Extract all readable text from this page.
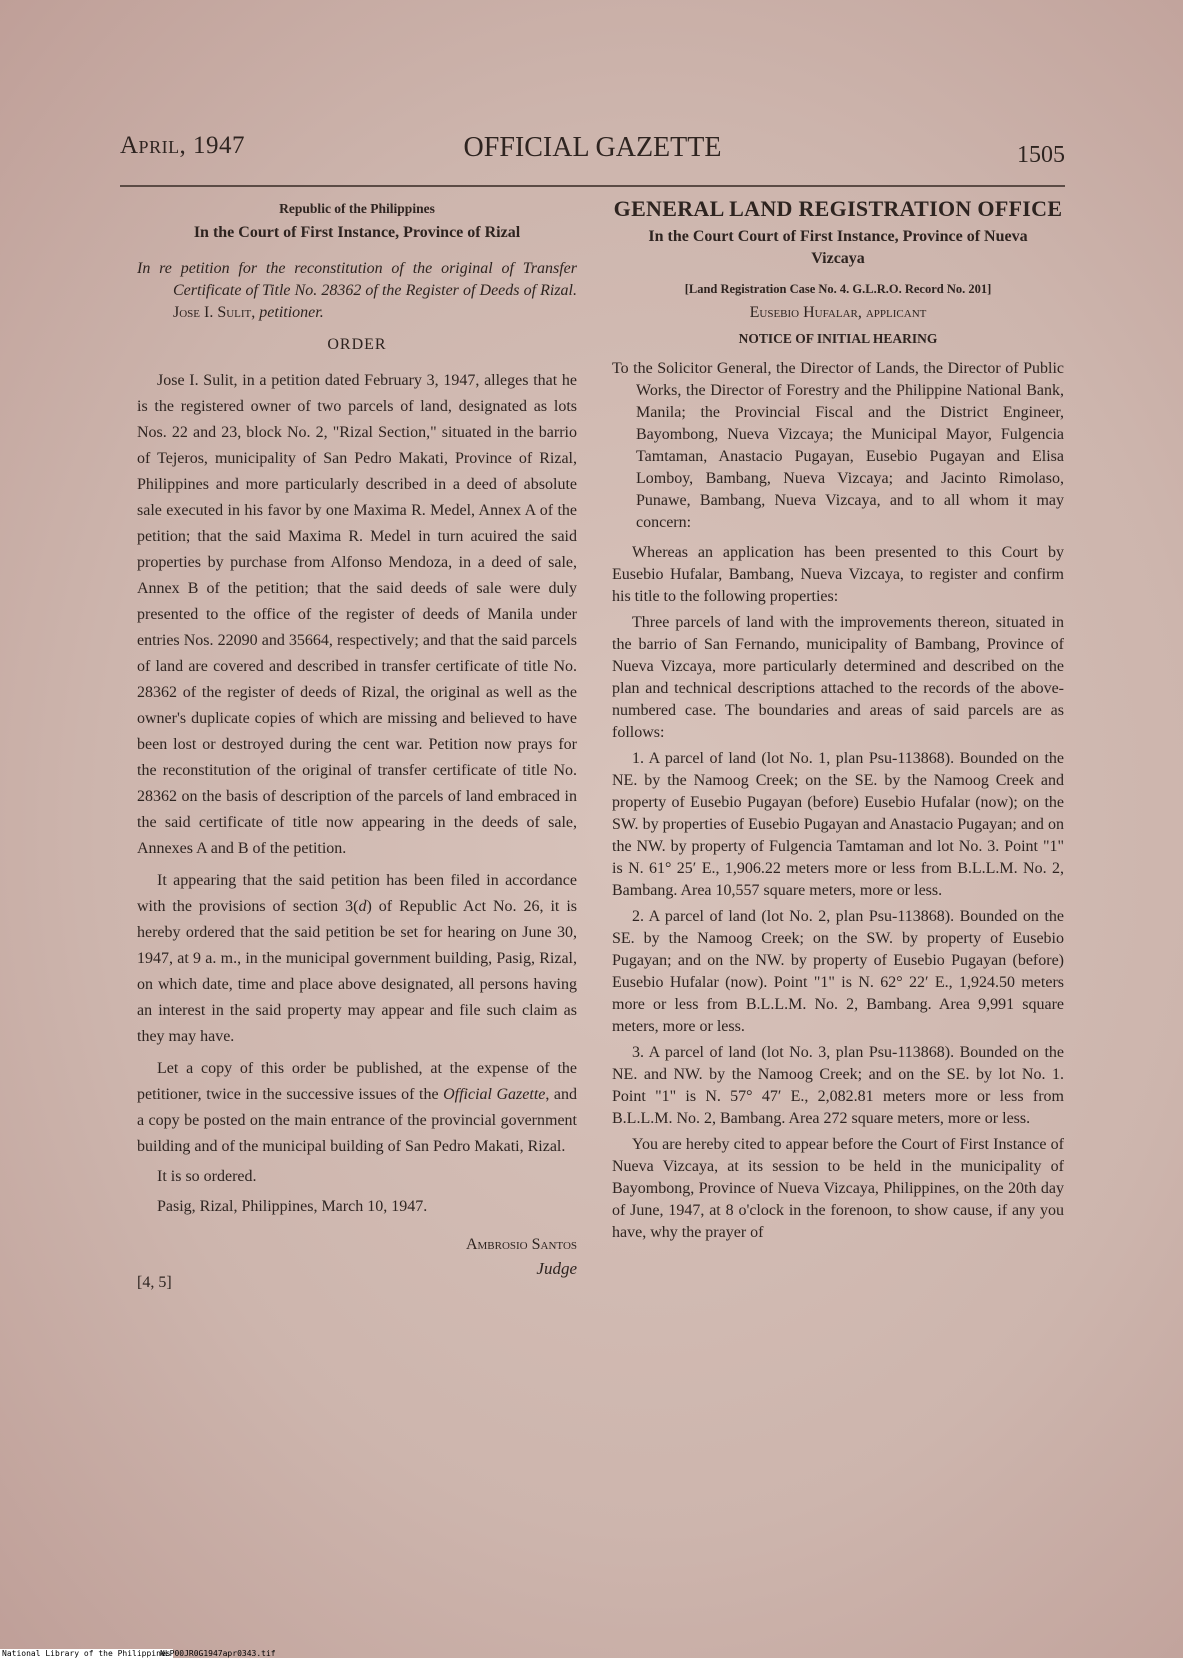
April, 1947	OFFICIAL GAZETTE	1505

Republic of the Philippines

In the Court of First Instance, Province of Rizal

In re petition for the reconstitution of the original of Transfer Certificate of Title No. 28362 of the Register of Deeds of Rizal. Jose I. Sulit, petitioner.

ORDER

Jose I. Sulit, in a petition dated February 3, 1947, alleges that he is the registered owner of two parcels of land, designated as lots Nos. 22 and 23, block No. 2, "Rizal Section," situated in the barrio of Tejeros, municipality of San Pedro Makati, Province of Rizal, Philippines and more particularly described in a deed of absolute sale executed in his favor by one Maxima R. Medel, Annex A of the petition; that the said Maxima R. Medel in turn acuired the said properties by purchase from Alfonso Mendoza, in a deed of sale, Annex B of the petition; that the said deeds of sale were duly presented to the office of the register of deeds of Manila under entries Nos. 22090 and 35664, respectively; and that the said parcels of land are covered and described in transfer certificate of title No. 28362 of the register of deeds of Rizal, the original as well as the owner's duplicate copies of which are missing and believed to have been lost or destroyed during the cent war. Petition now prays for the reconstitution of the original of transfer certificate of title No. 28362 on the basis of description of the parcels of land embraced in the said certificate of title now appearing in the deeds of sale, Annexes A and B of the petition.

It appearing that the said petition has been filed in accordance with the provisions of section 3(d) of Republic Act No. 26, it is hereby ordered that the said petition be set for hearing on June 30, 1947, at 9 a. m., in the municipal government building, Pasig, Rizal, on which date, time and place above designated, all persons having an interest in the said property may appear and file such claim as they may have.

Let a copy of this order be published, at the expense of the petitioner, twice in the successive issues of the Official Gazette, and a copy be posted on the main entrance of the provincial government building and of the municipal building of San Pedro Makati, Rizal.

It is so ordered.

Pasig, Rizal, Philippines, March 10, 1947.

Ambrosio Santos
Judge
[4, 5]

GENERAL LAND REGISTRATION OFFICE

In the Court Court of First Instance, Province of Nueva Vizcaya

[Land Registration Case No. 4. G.L.R.O. Record No. 201]

Eusebio Hufalar, applicant

NOTICE OF INITIAL HEARING

To the Solicitor General, the Director of Lands, the Director of Public Works, the Director of Forestry and the Philippine National Bank, Manila; the Provincial Fiscal and the District Engineer, Bayombong, Nueva Vizcaya; the Municipal Mayor, Fulgencia Tamtaman, Anastacio Pugayan, Eusebio Pugayan and Elisa Lomboy, Bambang, Nueva Vizcaya; and Jacinto Rimolaso, Punawe, Bambang, Nueva Vizcaya, and to all whom it may concern:

Whereas an application has been presented to this Court by Eusebio Hufalar, Bambang, Nueva Vizcaya, to register and confirm his title to the following properties:

Three parcels of land with the improvements thereon, situated in the barrio of San Fernando, municipality of Bambang, Province of Nueva Vizcaya, more particularly determined and described on the plan and technical descriptions attached to the records of the above-numbered case. The boundaries and areas of said parcels are as follows:

1. A parcel of land (lot No. 1, plan Psu-113868). Bounded on the NE. by the Namoog Creek; on the SE. by the Namoog Creek and property of Eusebio Pugayan (before) Eusebio Hufalar (now); on the SW. by properties of Eusebio Pugayan and Anastacio Pugayan; and on the NW. by property of Fulgencia Tamtaman and lot No. 3. Point "1" is N. 61° 25′ E., 1,906.22 meters more or less from B.L.L.M. No. 2, Bambang. Area 10,557 square meters, more or less.

2. A parcel of land (lot No. 2, plan Psu-113868). Bounded on the SE. by the Namoog Creek; on the SW. by property of Eusebio Pugayan; and on the NW. by property of Eusebio Pugayan (before) Eusebio Hufalar (now). Point "1" is N. 62° 22′ E., 1,924.50 meters more or less from B.L.L.M. No. 2, Bambang. Area 9,991 square meters, more or less.

3. A parcel of land (lot No. 3, plan Psu-113868). Bounded on the NE. and NW. by the Namoog Creek; and on the SE. by lot No. 1. Point "1" is N. 57° 47′ E., 2,082.81 meters more or less from B.L.L.M. No. 2, Bambang. Area 272 square meters, more or less.

You are hereby cited to appear before the Court of First Instance of Nueva Vizcaya, at its session to be held in the municipality of Bayombong, Province of Nueva Vizcaya, Philippines, on the 20th day of June, 1947, at 8 o'clock in the forenoon, to show cause, if any you have, why the prayer of

National Library of the Philippines
NLP00JR0G1947apr0343.tif
